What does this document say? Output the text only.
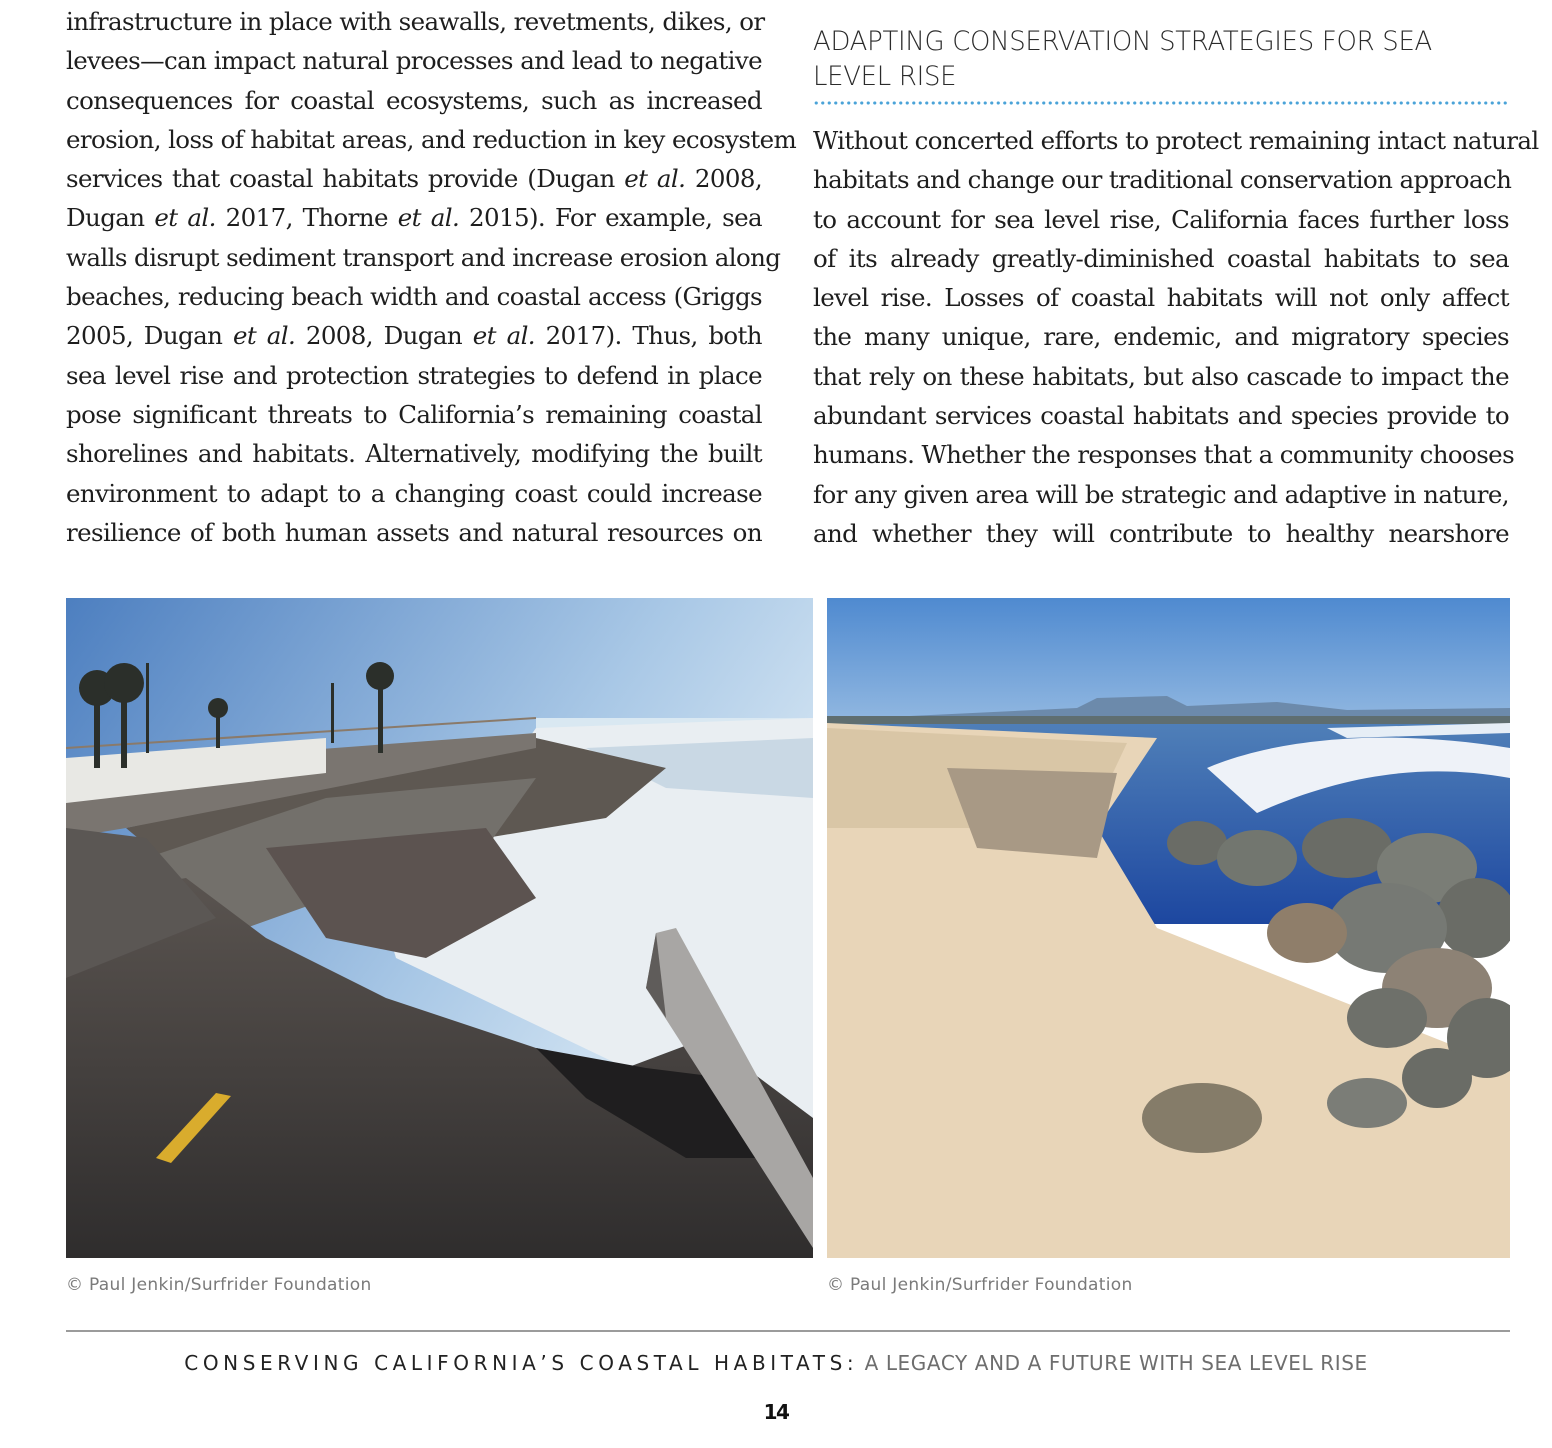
infrastructure in place with seawalls, revetments, dikes, or
levees—can impact natural processes and lead to negative
consequences for coastal ecosystems, such as increased
erosion, loss of habitat areas, and reduction in key ecosystem
services that coastal habitats provide (Dugan et al. 2008,
Dugan et al. 2017, Thorne et al. 2015). For example, sea
walls disrupt sediment transport and increase erosion along
beaches, reducing beach width and coastal access (Griggs
2005, Dugan et al. 2008, Dugan et al. 2017). Thus, both
sea level rise and protection strategies to defend in place
pose significant threats to California’s remaining coastal
shorelines and habitats. Alternatively, modifying the built
environment to adapt to a changing coast could increase
resilience of both human assets and natural resources on
ADAPTING CONSERVATION STRATEGIES FOR SEA LEVEL RISE
Without concerted efforts to protect remaining intact natural
habitats and change our traditional conservation approach
to account for sea level rise, California faces further loss
of its already greatly-diminished coastal habitats to sea
level rise. Losses of coastal habitats will not only affect
the many unique, rare, endemic, and migratory species
that rely on these habitats, but also cascade to impact the
abundant services coastal habitats and species provide to
humans. Whether the responses that a community chooses
for any given area will be strategic and adaptive in nature,
and whether they will contribute to healthy nearshore
© Paul Jenkin/Surfrider Foundation	© Paul Jenkin/Surfrider Foundation
CONSERVING CALIFORNIA’S COASTAL HABITATS: A LEGACY AND A FUTURE WITH SEA LEVEL RISE
14
